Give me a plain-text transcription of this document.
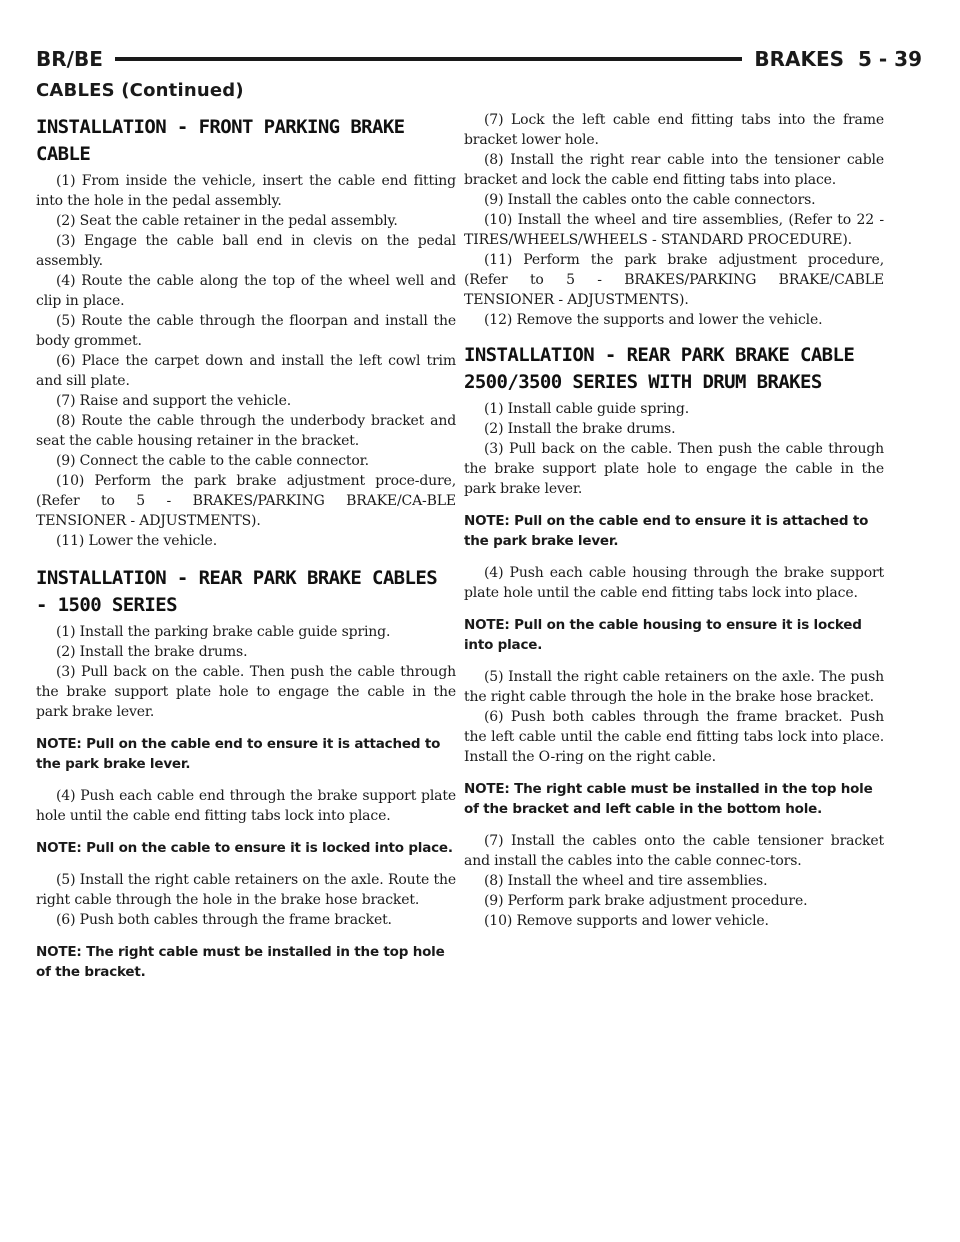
BR/BE	BRAKES 5 - 39
CABLES (Continued)
INSTALLATION - FRONT PARKING BRAKE CABLE

(1) From inside the vehicle, insert the cable end fitting into the hole in the pedal assembly.

(2) Seat the cable retainer in the pedal assembly.

(3) Engage the cable ball end in clevis on the pedal assembly.

(4) Route the cable along the top of the wheel well and clip in place.

(5) Route the cable through the floorpan and install the body grommet.

(6) Place the carpet down and install the left cowl trim and sill plate.

(7) Raise and support the vehicle.

(8) Route the cable through the underbody bracket and seat the cable housing retainer in the bracket.

(9) Connect the cable to the cable connector.

(10) Perform the park brake adjustment proce-dure, (Refer to 5 - BRAKES/PARKING BRAKE/CA-BLE TENSIONER - ADJUSTMENTS).

(11) Lower the vehicle.

INSTALLATION - REAR PARK BRAKE CABLES - 1500 SERIES

(1) Install the parking brake cable guide spring.

(2) Install the brake drums.

(3) Pull back on the cable. Then push the cable through the brake support plate hole to engage the cable in the park brake lever.

NOTE: Pull on the cable end to ensure it is attached to the park brake lever.

(4) Push each cable end through the brake support plate hole until the cable end fitting tabs lock into place.

NOTE: Pull on the cable to ensure it is locked into place.

(5) Install the right cable retainers on the axle. Route the right cable through the hole in the brake hose bracket.

(6) Push both cables through the frame bracket.

NOTE: The right cable must be installed in the top hole of the bracket.

(7) Lock the left cable end fitting tabs into the frame bracket lower hole.

(8) Install the right rear cable into the tensioner cable bracket and lock the cable end fitting tabs into place.

(9) Install the cables onto the cable connectors.

(10) Install the wheel and tire assemblies, (Refer to 22 - TIRES/WHEELS/WHEELS - STANDARD PROCEDURE).

(11) Perform the park brake adjustment procedure, (Refer to 5 - BRAKES/PARKING BRAKE/CABLE TENSIONER - ADJUSTMENTS).

(12) Remove the supports and lower the vehicle.

INSTALLATION - REAR PARK BRAKE CABLE 2500/3500 SERIES WITH DRUM BRAKES

(1) Install cable guide spring.

(2) Install the brake drums.

(3) Pull back on the cable. Then push the cable through the brake support plate hole to engage the cable in the park brake lever.

NOTE: Pull on the cable end to ensure it is attached to the park brake lever.

(4) Push each cable housing through the brake support plate hole until the cable end fitting tabs lock into place.

NOTE: Pull on the cable housing to ensure it is locked into place.

(5) Install the right cable retainers on the axle. The push the right cable through the hole in the brake hose bracket.

(6) Push both cables through the frame bracket. Push the left cable until the cable end fitting tabs lock into place. Install the O-ring on the right cable.

NOTE: The right cable must be installed in the top hole of the bracket and left cable in the bottom hole.

(7) Install the cables onto the cable tensioner bracket and install the cables into the cable connec-tors.

(8) Install the wheel and tire assemblies.

(9) Perform park brake adjustment procedure.

(10) Remove supports and lower vehicle.
